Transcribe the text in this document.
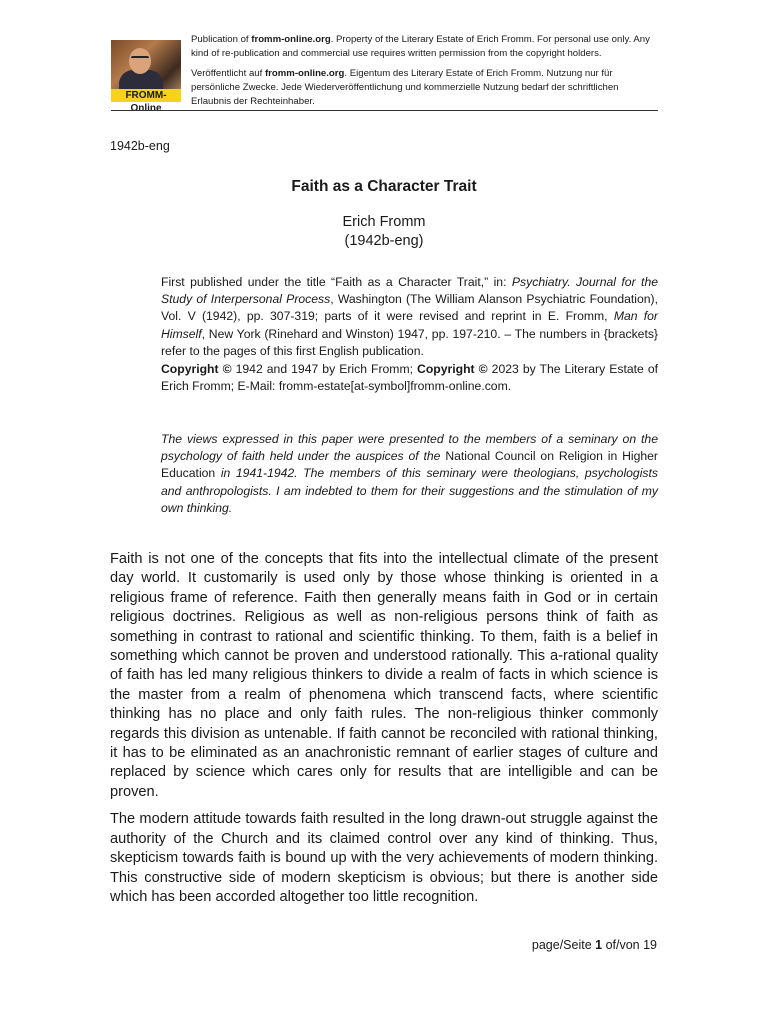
FROMM-Online

Publication of fromm-online.org. Property of the Literary Estate of Erich Fromm. For personal use only. Any kind of re-publication and commercial use requires written permission from the copyright holders.

Veröffentlicht auf fromm-online.org. Eigentum des Literary Estate of Erich Fromm. Nutzung nur für persönliche Zwecke. Jede Wiederveröffentlichung und kommerzielle Nutzung bedarf der schriftlichen Erlaubnis der Rechteinhaber.

1942b-eng
Faith as a Character Trait
Erich Fromm
(1942b-eng)

First published under the title “Faith as a Character Trait,” in: Psychiatry. Journal for the Study of Interpersonal Process, Washington (The William Alanson Psychiatric Foundation), Vol. V (1942), pp. 307-319; parts of it were revised and reprint in E. Fromm, Man for Himself, New York (Rinehard and Winston) 1947, pp. 197-210. – The numbers in {brackets} refer to the pages of this first English publication.

Copyright © 1942 and 1947 by Erich Fromm; Copyright © 2023 by The Literary Estate of Erich Fromm; E-Mail: fromm-estate[at-symbol]fromm-online.com.

The views expressed in this paper were presented to the members of a seminary on the psychology of faith held under the auspices of the National Council on Religion in Higher Education in 1941-1942. The members of this seminary were theologians, psychologists and anthropologists. I am indebted to them for their suggestions and the stimulation of my own thinking.

Faith is not one of the concepts that fits into the intellectual climate of the present day world. It customarily is used only by those whose thinking is oriented in a religious frame of reference. Faith then generally means faith in God or in certain religious doctrines. Religious as well as non-religious persons think of faith as something in contrast to rational and scientific thinking. To them, faith is a belief in something which cannot be proven and understood rationally. This a-rational quality of faith has led many religious thinkers to divide a realm of facts in which science is the master from a realm of phenomena which transcend facts, where scientific thinking has no place and only faith rules. The non-religious thinker commonly regards this division as untenable. If faith cannot be reconciled with rational thinking, it has to be eliminated as an anachronistic remnant of earlier stages of culture and replaced by science which cares only for results that are intelligible and can be proven.

The modern attitude towards faith resulted in the long drawn-out struggle against the authority of the Church and its claimed control over any kind of thinking. Thus, skepticism towards faith is bound up with the very achievements of modern thinking. This constructive side of modern skepticism is obvious; but there is another side which has been accorded altogether too little recognition.

page/Seite 1 of/von 19
